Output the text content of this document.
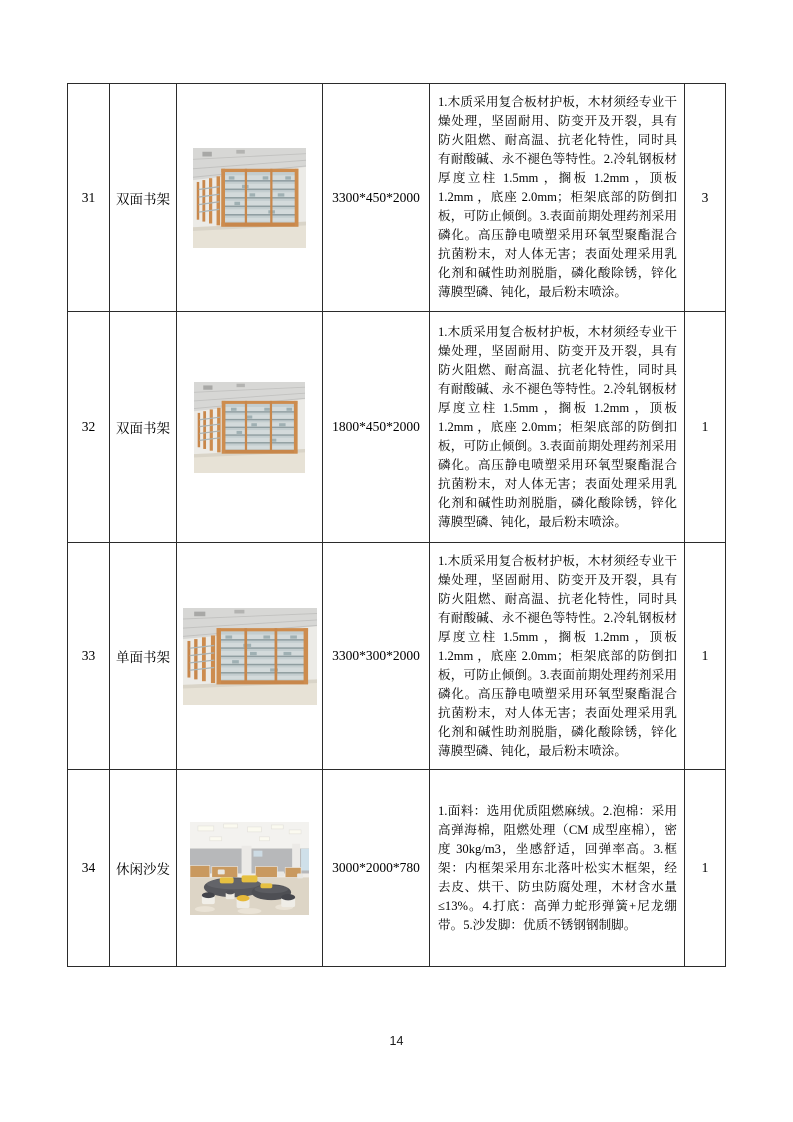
31	双面书架		3300*450*2000	1.木质采用复合板材护板，木材须经专业干燥处理，坚固耐用、防变开及开裂，具有防火阻燃、耐高温、抗老化特性，同时具有耐酸碱、永不褪色等特性。2.冷轧钢板材厚度立柱 1.5mm ，搁板 1.2mm ，顶板 1.2mm ，底座 2.0mm；柜架底部的防倒扣板，可防止倾倒。3.表面前期处理药剂采用磷化。高压静电喷塑采用环氧型聚酯混合抗菌粉末，对人体无害；表面处理采用乳化剂和碱性助剂脱脂，磷化酸除锈，锌化薄膜型磷、钝化，最后粉末喷涂。	3
32	双面书架		1800*450*2000	1.木质采用复合板材护板，木材须经专业干燥处理，坚固耐用、防变开及开裂，具有防火阻燃、耐高温、抗老化特性，同时具有耐酸碱、永不褪色等特性。2.冷轧钢板材厚度立柱 1.5mm ，搁板 1.2mm ，顶板 1.2mm ，底座 2.0mm；柜架底部的防倒扣板，可防止倾倒。3.表面前期处理药剂采用磷化。高压静电喷塑采用环氧型聚酯混合抗菌粉末，对人体无害；表面处理采用乳化剂和碱性助剂脱脂，磷化酸除锈，锌化薄膜型磷、钝化，最后粉末喷涂。	1
33	单面书架		3300*300*2000	1.木质采用复合板材护板，木材须经专业干燥处理，坚固耐用、防变开及开裂，具有防火阻燃、耐高温、抗老化特性，同时具有耐酸碱、永不褪色等特性。2.冷轧钢板材厚度立柱 1.5mm ，搁板 1.2mm ，顶板 1.2mm ，底座 2.0mm；柜架底部的防倒扣板，可防止倾倒。3.表面前期处理药剂采用磷化。高压静电喷塑采用环氧型聚酯混合抗菌粉末，对人体无害；表面处理采用乳化剂和碱性助剂脱脂，磷化酸除锈，锌化薄膜型磷、钝化，最后粉末喷涂。	1
34	休闲沙发		3000*2000*780	1.面料：选用优质阻燃麻绒。2.泡棉：采用高弹海棉，阻燃处理（CM 成型座棉），密度 30kg/m3，坐感舒适，回弹率高。3.框架：内框架采用东北落叶松实木框架，经去皮、烘干、防虫防腐处理，木材含水量≤13%。4.打底：高弹力蛇形弹簧+尼龙绷带。5.沙发脚：优质不锈钢钢制脚。	1
14
